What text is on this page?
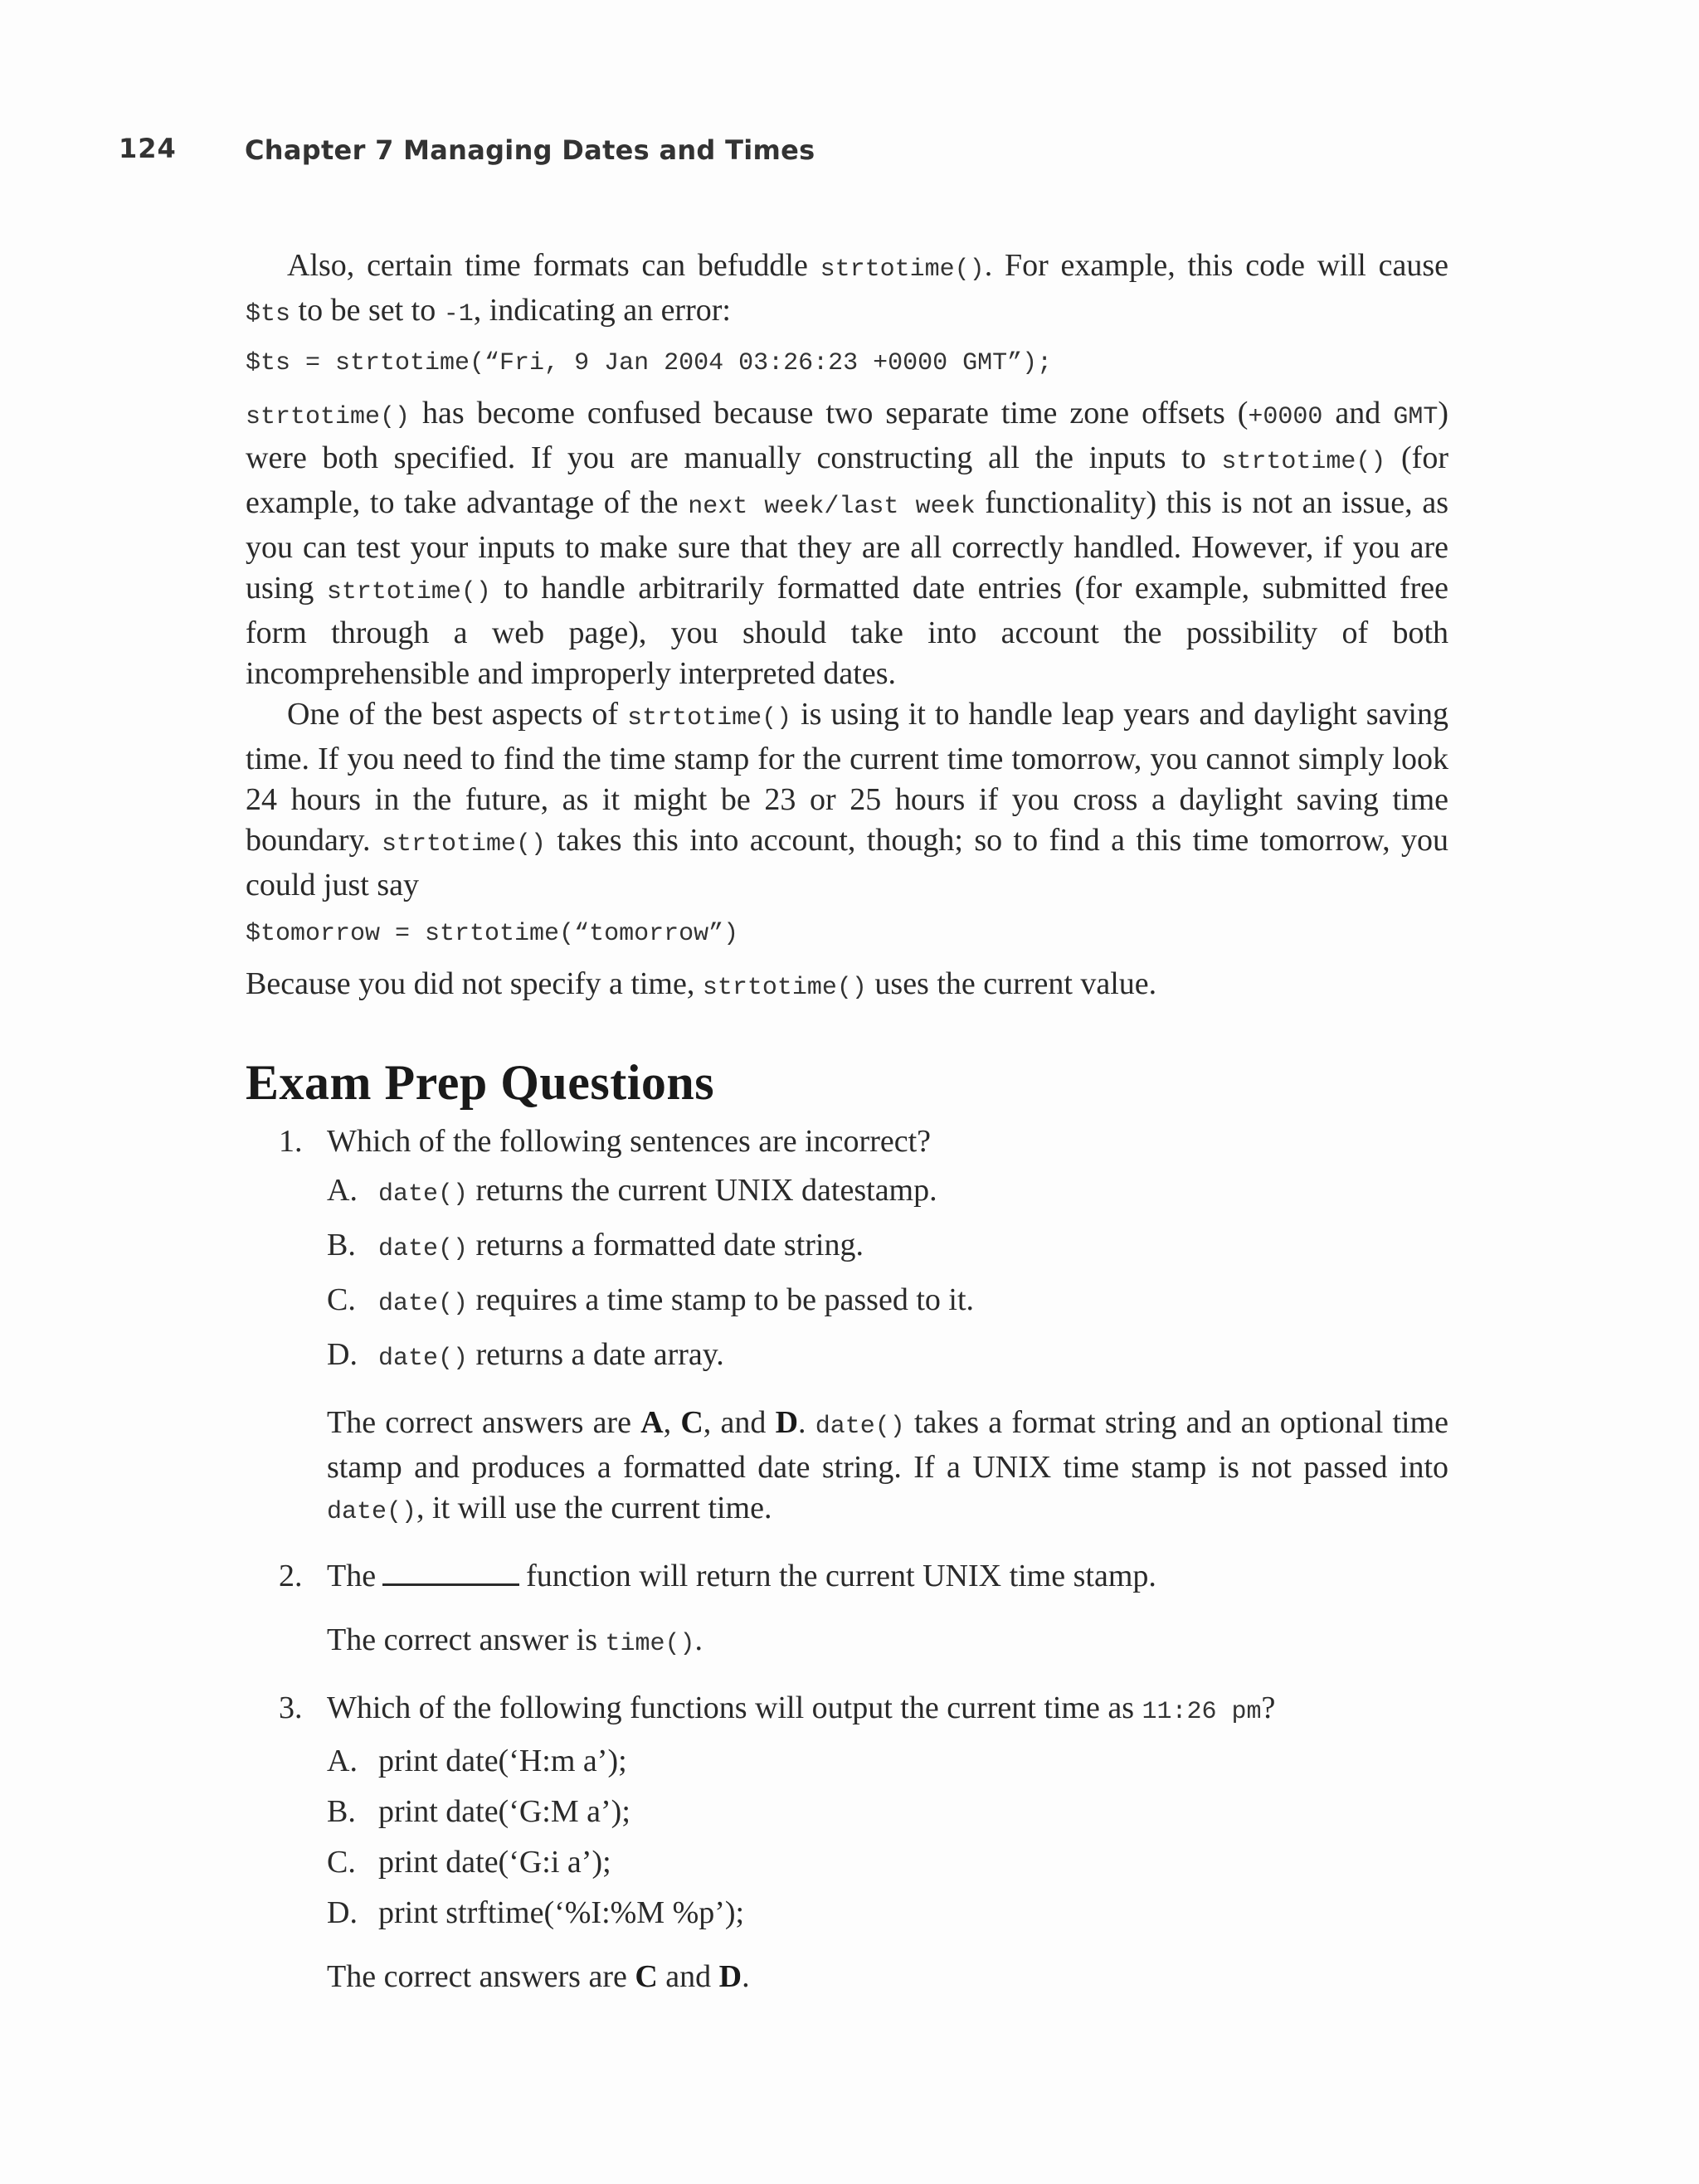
124	Chapter 7 Managing Dates and Times

Also, certain time formats can befuddle strtotime(). For example, this code will cause $ts to be set to -1, indicating an error:

$ts = strtotime(“Fri, 9 Jan 2004 03:26:23 +0000 GMT”);

strtotime() has become confused because two separate time zone offsets (+0000 and GMT) were both specified. If you are manually constructing all the inputs to strtotime() (for example, to take advantage of the next week/last week functionality) this is not an issue, as you can test your inputs to make sure that they are all correctly handled. However, if you are using strtotime() to handle arbitrarily formatted date entries (for example, submitted free form through a web page), you should take into account the possibility of both incomprehensible and improperly interpreted dates.

One of the best aspects of strtotime() is using it to handle leap years and daylight saving time. If you need to find the time stamp for the current time tomorrow, you cannot simply look 24 hours in the future, as it might be 23 or 25 hours if you cross a daylight saving time boundary. strtotime() takes this into account, though; so to find a this time tomorrow, you could just say

$tomorrow = strtotime(“tomorrow”)

Because you did not specify a time, strtotime() uses the current value.

Exam Prep Questions
1. Which of the following sentences are incorrect?
A. date() returns the current UNIX datestamp.
B. date() returns a formatted date string.
C. date() requires a time stamp to be passed to it.
D. date() returns a date array.

The correct answers are A, C, and D. date() takes a format string and an optional time stamp and produces a formatted date string. If a UNIX time stamp is not passed into date(), it will use the current time.

2. The	function will return the current UNIX time stamp.

The correct answer is time().

3. Which of the following functions will output the current time as 11:26 pm?
A. print date(‘H:m a’);
B. print date(‘G:M a’);
C. print date(‘G:i a’);
D. print strftime(‘%I:%M %p’);

The correct answers are C and D.
